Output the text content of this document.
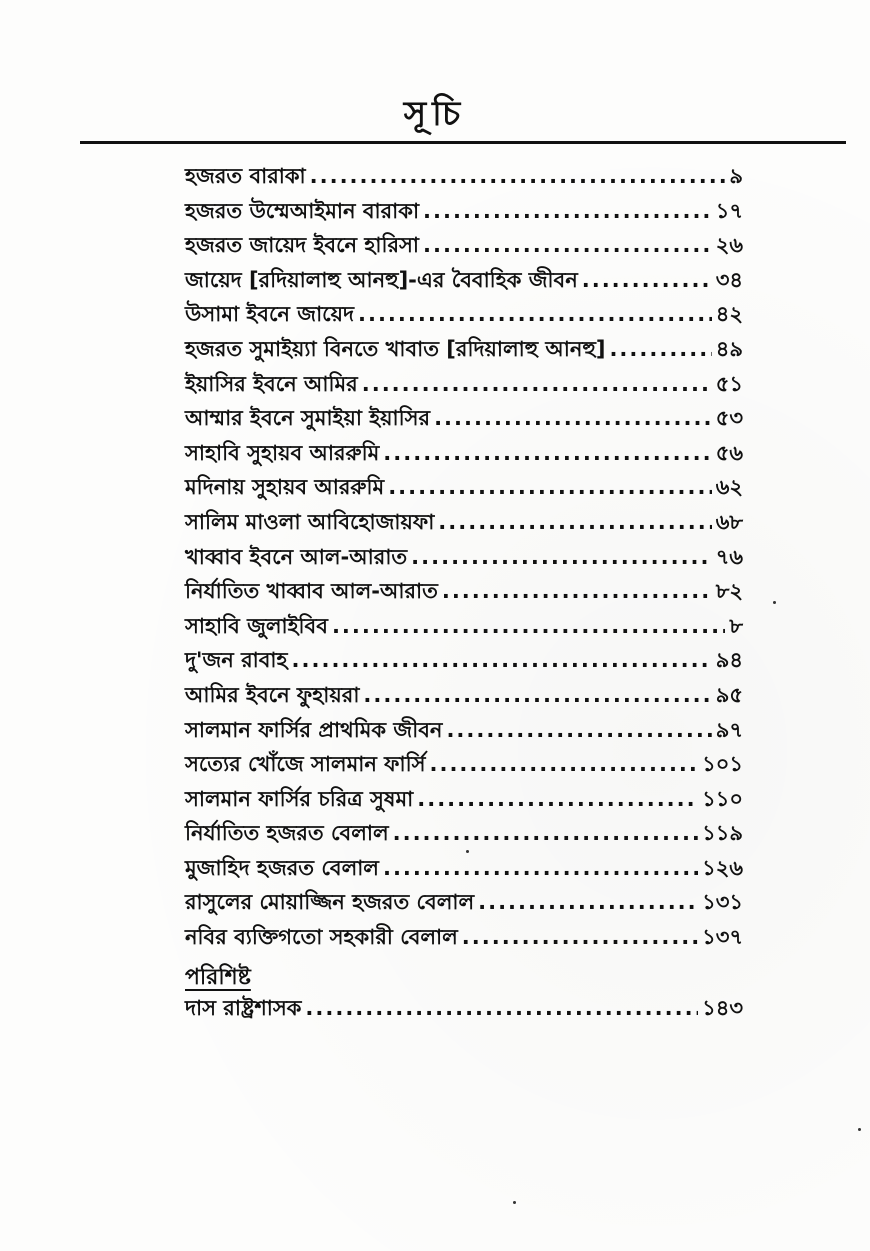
সূচি
হজরত বারাকা .....	৯
হজরত উম্মেআইমান বারাকা .....	১৭
হজরত জায়েদ ইবনে হারিসা .....	২৬
জায়েদ [রদিয়ালাহু আনহু]-এর বৈবাহিক জীবন .....	৩৪
উসামা ইবনে জায়েদ .....	৪২
হজরত সুমাইয়্যা বিনতে খাবাত [রদিয়ালাহু আনহু] .....	৪৯
ইয়াসির ইবনে আমির .....	৫১
আম্মার ইবনে সুমাইয়া ইয়াসির .....	৫৩
সাহাবি সুহায়ব আররুমি .....	৫৬
মদিনায় সুহায়ব আররুমি .....	৬২
সালিম মাওলা আবিহোজায়ফা .....	৬৮
খাব্বাব ইবনে আল-আরাত .....	৭৬
নির্যাতিত খাব্বাব আল-আরাত .....	৮২
সাহাবি জুলাইবিব .....	৮
দু'জন রাবাহ .....	৯৪
আমির ইবনে ফুহায়রা .....	৯৫
সালমান ফার্সির প্রাথমিক জীবন .....	৯৭
সত্যের খোঁজে সালমান ফার্সি .....	১০১
সালমান ফার্সির চরিত্র সুষমা .....	১১০
নির্যাতিত হজরত বেলাল .....	১১৯
মুজাহিদ হজরত বেলাল .....	১২৬
রাসুলের মোয়াজ্জিন হজরত বেলাল .....	১৩১
নবির ব্যক্তিগতো সহকারী বেলাল .....	১৩৭
পরিশিষ্ট
দাস রাষ্ট্রশাসক .....	১৪৩
